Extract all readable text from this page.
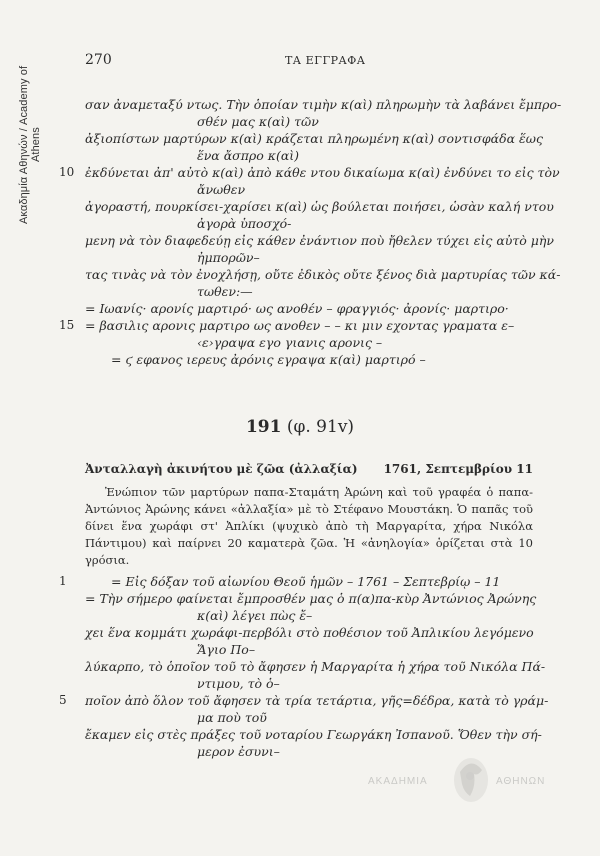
Ακαδημία Αθηνών / Academy of Athens
270	ΤΑ ΕΓΓΡΑΦΑ
σαν ἀναμεταξύ ντως. Τὴν ὁποίαν τιμὴν κ(αὶ) πληρωμὴν τὰ λαβάνει ἔμπρο-
σθέν μας κ(αὶ) τῶν
ἀξιοπίστων μαρτύρων κ(αὶ) κράζεται πληρωμένη κ(αὶ) σοντισφάδα ἕως
ἕνα ἄσπρο κ(αὶ)
10 ἐκδύνεται ἀπ' αὐτὸ κ(αὶ) ἀπὸ κάθε ντου δικαίωμα κ(αὶ) ἐνδύνει το εἰς τὸν
ἄνωθεν
ἀγοραστή, πουρκίσει-χαρίσει κ(αὶ) ὡς βούλεται ποιήσει, ὡσὰν καλή ντου
ἀγορὰ ὑποσχό-
μενη νὰ τὸν διαφεδεύῃ εἰς κάθεν ἐνάντιον ποὺ ἤθελεν τύχει εἰς αὐτὸ μὴν
ἠμπορῶν–
τας τινὰς νὰ τὸν ἐνοχλήσῃ, οὔτε ἐδικὸς οὔτε ξένος διὰ μαρτυρίας τῶν κά-
τωθεν:—
= Ιωανίς· αρονίς μαρτιρό· ως ανοθέν – φραγγιός· ἀρονίς· μαρτιρο·
15 = βασιλις αρονις μαρτιρο ως ανοθεν – – κι μιν εχοντας γραματα ε–
‹ε›γραψα εγο γιανις αρονις –
= ϛ εφανος ιερευς ἀρόνις εγραψα κ(αὶ) μαρτιρό –
191 (φ. 91v)
Ἀνταλλαγὴ ἀκινήτου μὲ ζῶα (ἀλλαξία) 1761, Σεπτεμβρίου 11

Ἐνώπιον τῶν μαρτύρων παπα-Σταμάτη Ἀρώνη καὶ τοῦ γραφέα ὁ παπα-Ἀντώνιος Ἀρώνης κάνει «ἀλλαξία» μὲ τὸ Στέφανο Μουστάκη. Ὁ παπᾶς τοῦ δίνει ἕνα χωράφι στ' Ἀπλίκι (ψυχικὸ ἀπὸ τὴ Μαργαρίτα, χήρα Νικόλα Πάντιμου) καὶ παίρνει 20 καματερὰ ζῶα. Ἡ «ἀνηλογία» ὁρίζεται στὰ 10 γρόσια.

1	= Εἰς δόξαν τοῦ αἰωνίου Θεοῦ ἡμῶν – 1761 – Σεπτεβρίῳ – 11
= Τὴν σήμερο φαίνεται ἔμπροσθέν μας ὁ π(α)πα-κὺρ Ἀντώνιος Ἀρώνης
κ(αὶ) λέγει πὼς ἔ–
χει ἕνα κομμάτι χωράφι-περβόλι στὸ ποθέσιον τοῦ Ἀπλικίου λεγόμενο
Ἅγιο Πο–
λύκαρπο, τὸ ὁποῖον τοῦ τὸ ἄφησεν ἡ Μαργαρίτα ἡ χήρα τοῦ Νικόλα Πά-
ντιμου, τὸ ὁ–
5 ποῖον ἀπὸ ὅλον τοῦ ἄφησεν τὰ τρία τετάρτια, γῆς=δέδρα, κατὰ τὸ γράμ-
μα ποὺ τοῦ
ἔκαμεν εἰς στὲς πράξες τοῦ νοταρίου Γεωργάκη Ἰσπανοῦ. Ὅθεν τὴν σή-
μερον ἐσυνι–
ΑΚΑΔΗΜΙΑ	ΑΘΗΝΩΝ
